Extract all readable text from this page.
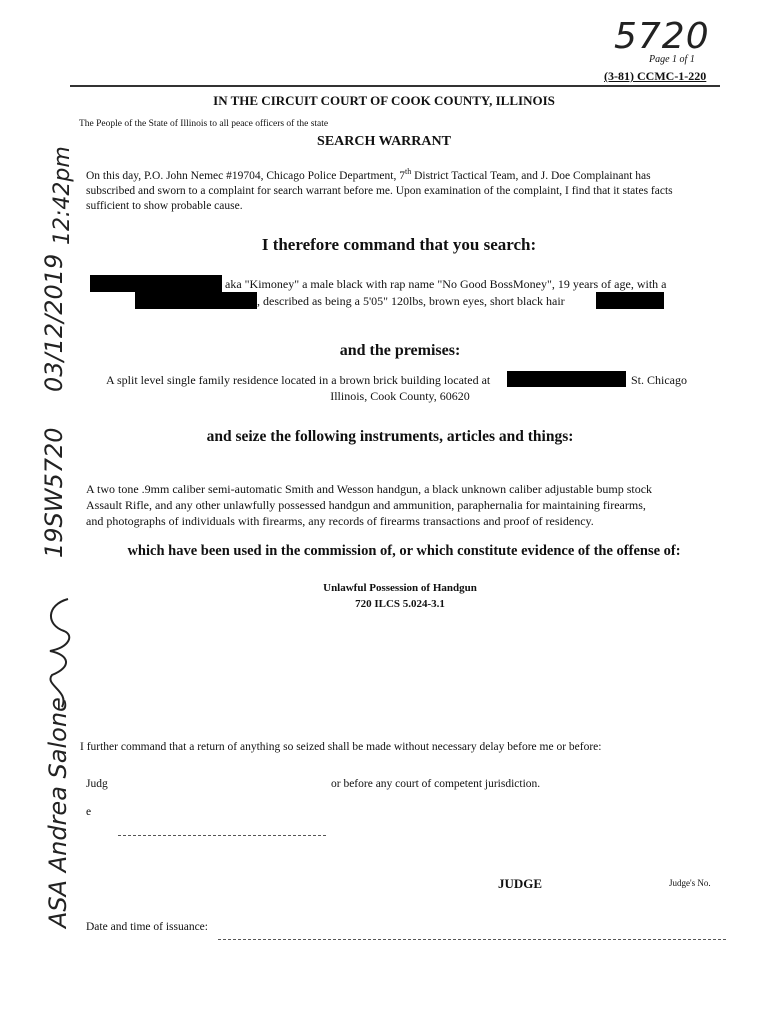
5720
Page 1 of 1
(3-81) CCMC-1-220
IN THE CIRCUIT COURT OF COOK COUNTY, ILLINOIS
The People of the State of Illinois to all peace officers of the state
SEARCH WARRANT
On this day, P.O. John Nemec #19704, Chicago Police Department, 7th District Tactical Team, and J. Doe Complainant has
subscribed and sworn to a complaint for search warrant before me. Upon examination of the complaint, I find that it states facts
sufficient to show probable cause.
I therefore command that you search:
aka "Kimoney" a male black with rap name "No Good BossMoney", 19 years of age, with a
, described as being a 5'05" 120lbs, brown eyes, short black hair
and the premises:
A split level single family residence located in a brown brick building located at	St. Chicago
Illinois, Cook County, 60620
and seize the following instruments, articles and things:
A two tone .9mm caliber semi-automatic Smith and Wesson handgun, a black unknown caliber adjustable bump stock
Assault Rifle, and any other unlawfully possessed handgun and ammunition, paraphernalia for maintaining firearms,
and photographs of individuals with firearms, any records of firearms transactions and proof of residency.
which have been used in the commission of, or which constitute evidence of the offense of:
Unlawful Possession of Handgun
720 ILCS 5.024-3.1
I further command that a return of anything so seized shall be made without necessary delay before me or before:
Judg	or before any court of competent jurisdiction.
e
JUDGE	Judge's No.
Date and time of issuance:
12:42pm
03/12/2019
19SW5720
ASA Andrea Salone
